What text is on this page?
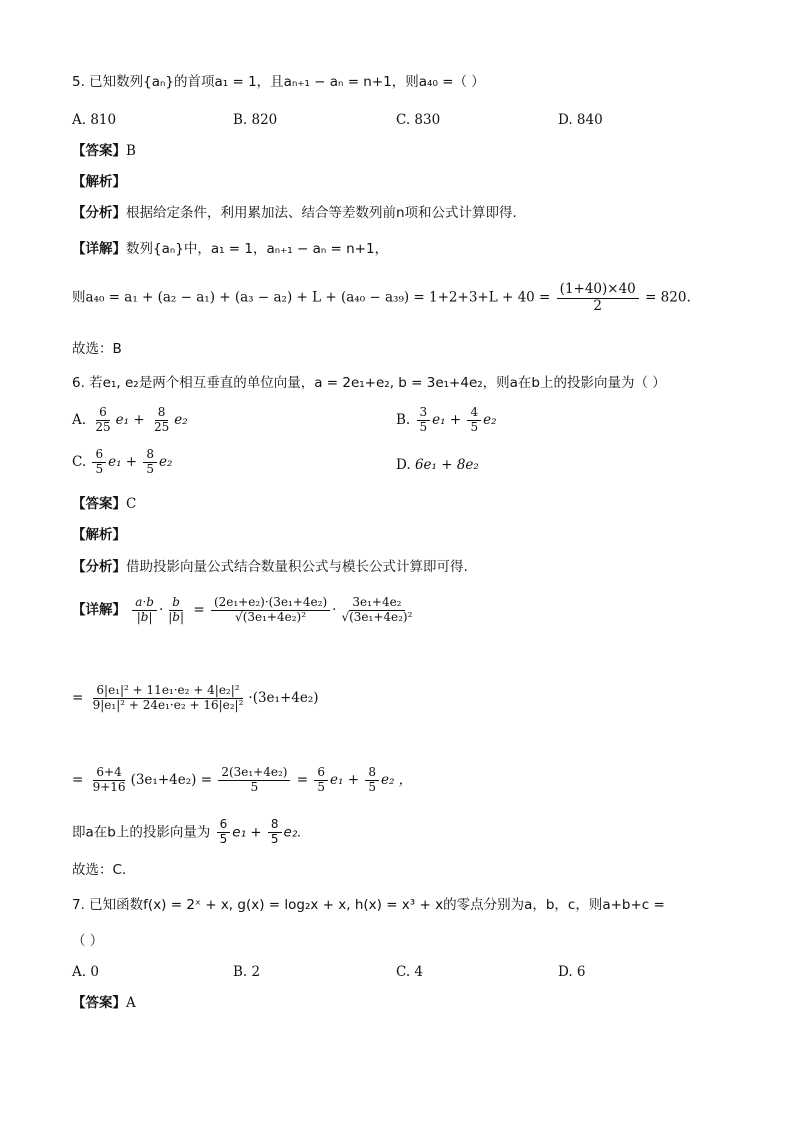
5. 已知数列{aₙ}的首项a₁ = 1，且aₙ₊₁ − aₙ = n+1，则a₄₀ =（ ）
A. 810	B. 820	C. 830	D. 840
【答案】B
【解析】
【分析】根据给定条件，利用累加法、结合等差数列前n项和公式计算即得.
【详解】数列{aₙ}中，a₁ = 1，aₙ₊₁ − aₙ = n+1，
则$a_{40} = a_1 + (a_2 - a_1) + (a_3 - a_2) + L + (a_{40} - a_{39}) = 1+2+3+L + 40 = \frac{(1+40)\times 40}{2} = 820$.
故选：B
6. 若e₁, e₂是两个相互垂直的单位向量，a = 2e₁+e₂, b = 3e₁+4e₂，则a在b上的投影向量为（ ）
A. $\frac{6}{25} e_1 + \frac{8}{25} e_2$	B. $\frac{3}{5} e_1 + \frac{4}{5} e_2$
C. $\frac{6}{5} e_1 + \frac{8}{5} e_2$	D. 6e₁ + 8e₂
【答案】C
【解析】
【分析】借助投影向量公式结合数量积公式与模长公式计算即可得.
【详解】 $\frac{a\cdot b}{|b|} \cdot \frac{b}{|b|} = \frac{\text{(2e₁+e₂)·(3e₁+4e₂)}}{\text{√(3e₁+4e₂)²}} \cdot \frac{\text{3e₁+4e₂}}{\text{√(3e₁+4e₂)²}}$
= $\frac{\text{6|e₁|² + 11e₁·e₂ + 4|e₂|²}}{\text{9|e₁|² + 24e₁·e₂ + 16|e₂|²}} \cdot(3e_1+4e_2)$
= $\frac{6+4}{9+16} (3e_1+4e_2) = \frac{\text{2(3e₁+4e₂)}}{5} = \frac{6}{5} e_1 + \frac{8}{5} e_2$ ，
即a在b上的投影向量为 $\frac{6}{5} e_1 + \frac{8}{5} e_2$.
故选：C.
7. 已知函数f(x) = 2ˣ + x, g(x) = log₂x + x, h(x) = x³ + x的零点分别为a，b，c，则a+b+c =
（ ）
A. 0	B. 2	C. 4	D. 6
【答案】A
